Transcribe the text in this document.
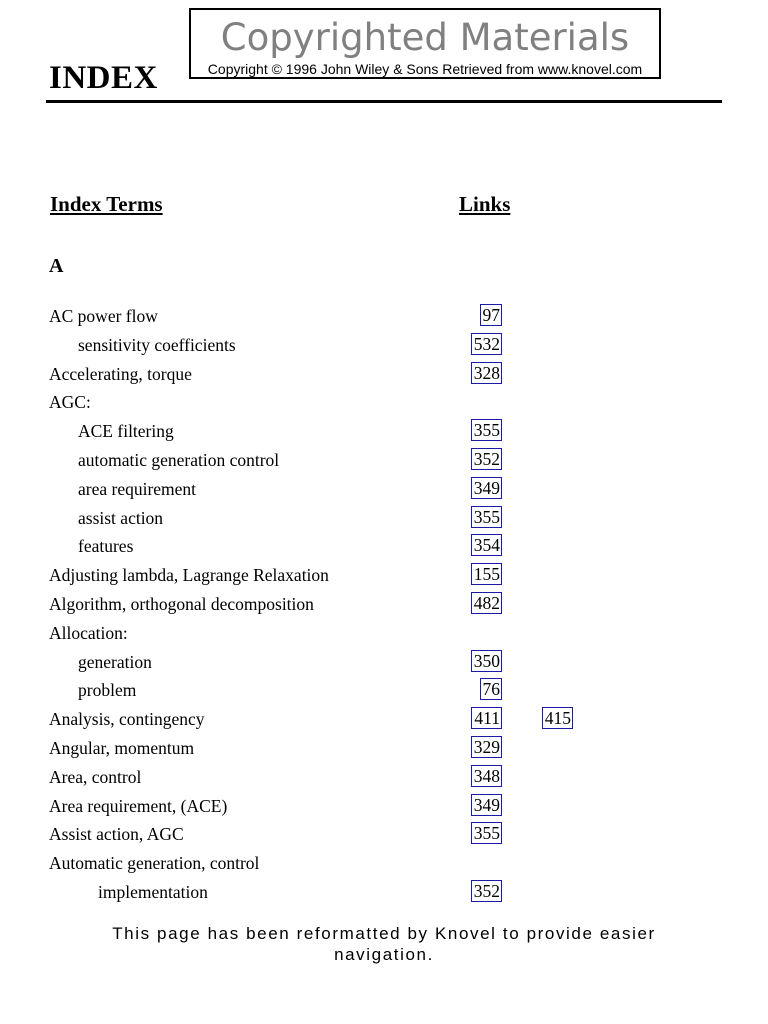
Copyrighted Materials
Copyright © 1996 John Wiley & Sons Retrieved from www.knovel.com
INDEX
Index Terms	Links
A
AC power flow	97
sensitivity coefficients	532
Accelerating, torque	328
AGC:
ACE filtering	355
automatic generation control	352
area requirement	349
assist action	355
features	354
Adjusting lambda, Lagrange Relaxation	155
Algorithm, orthogonal decomposition	482
Allocation:
generation	350
problem	76
Analysis, contingency	411	415
Angular, momentum	329
Area, control	348
Area requirement, (ACE)	349
Assist action, AGC	355
Automatic generation, control
implementation	352
This page has been reformatted by Knovel to provide easier
navigation.
